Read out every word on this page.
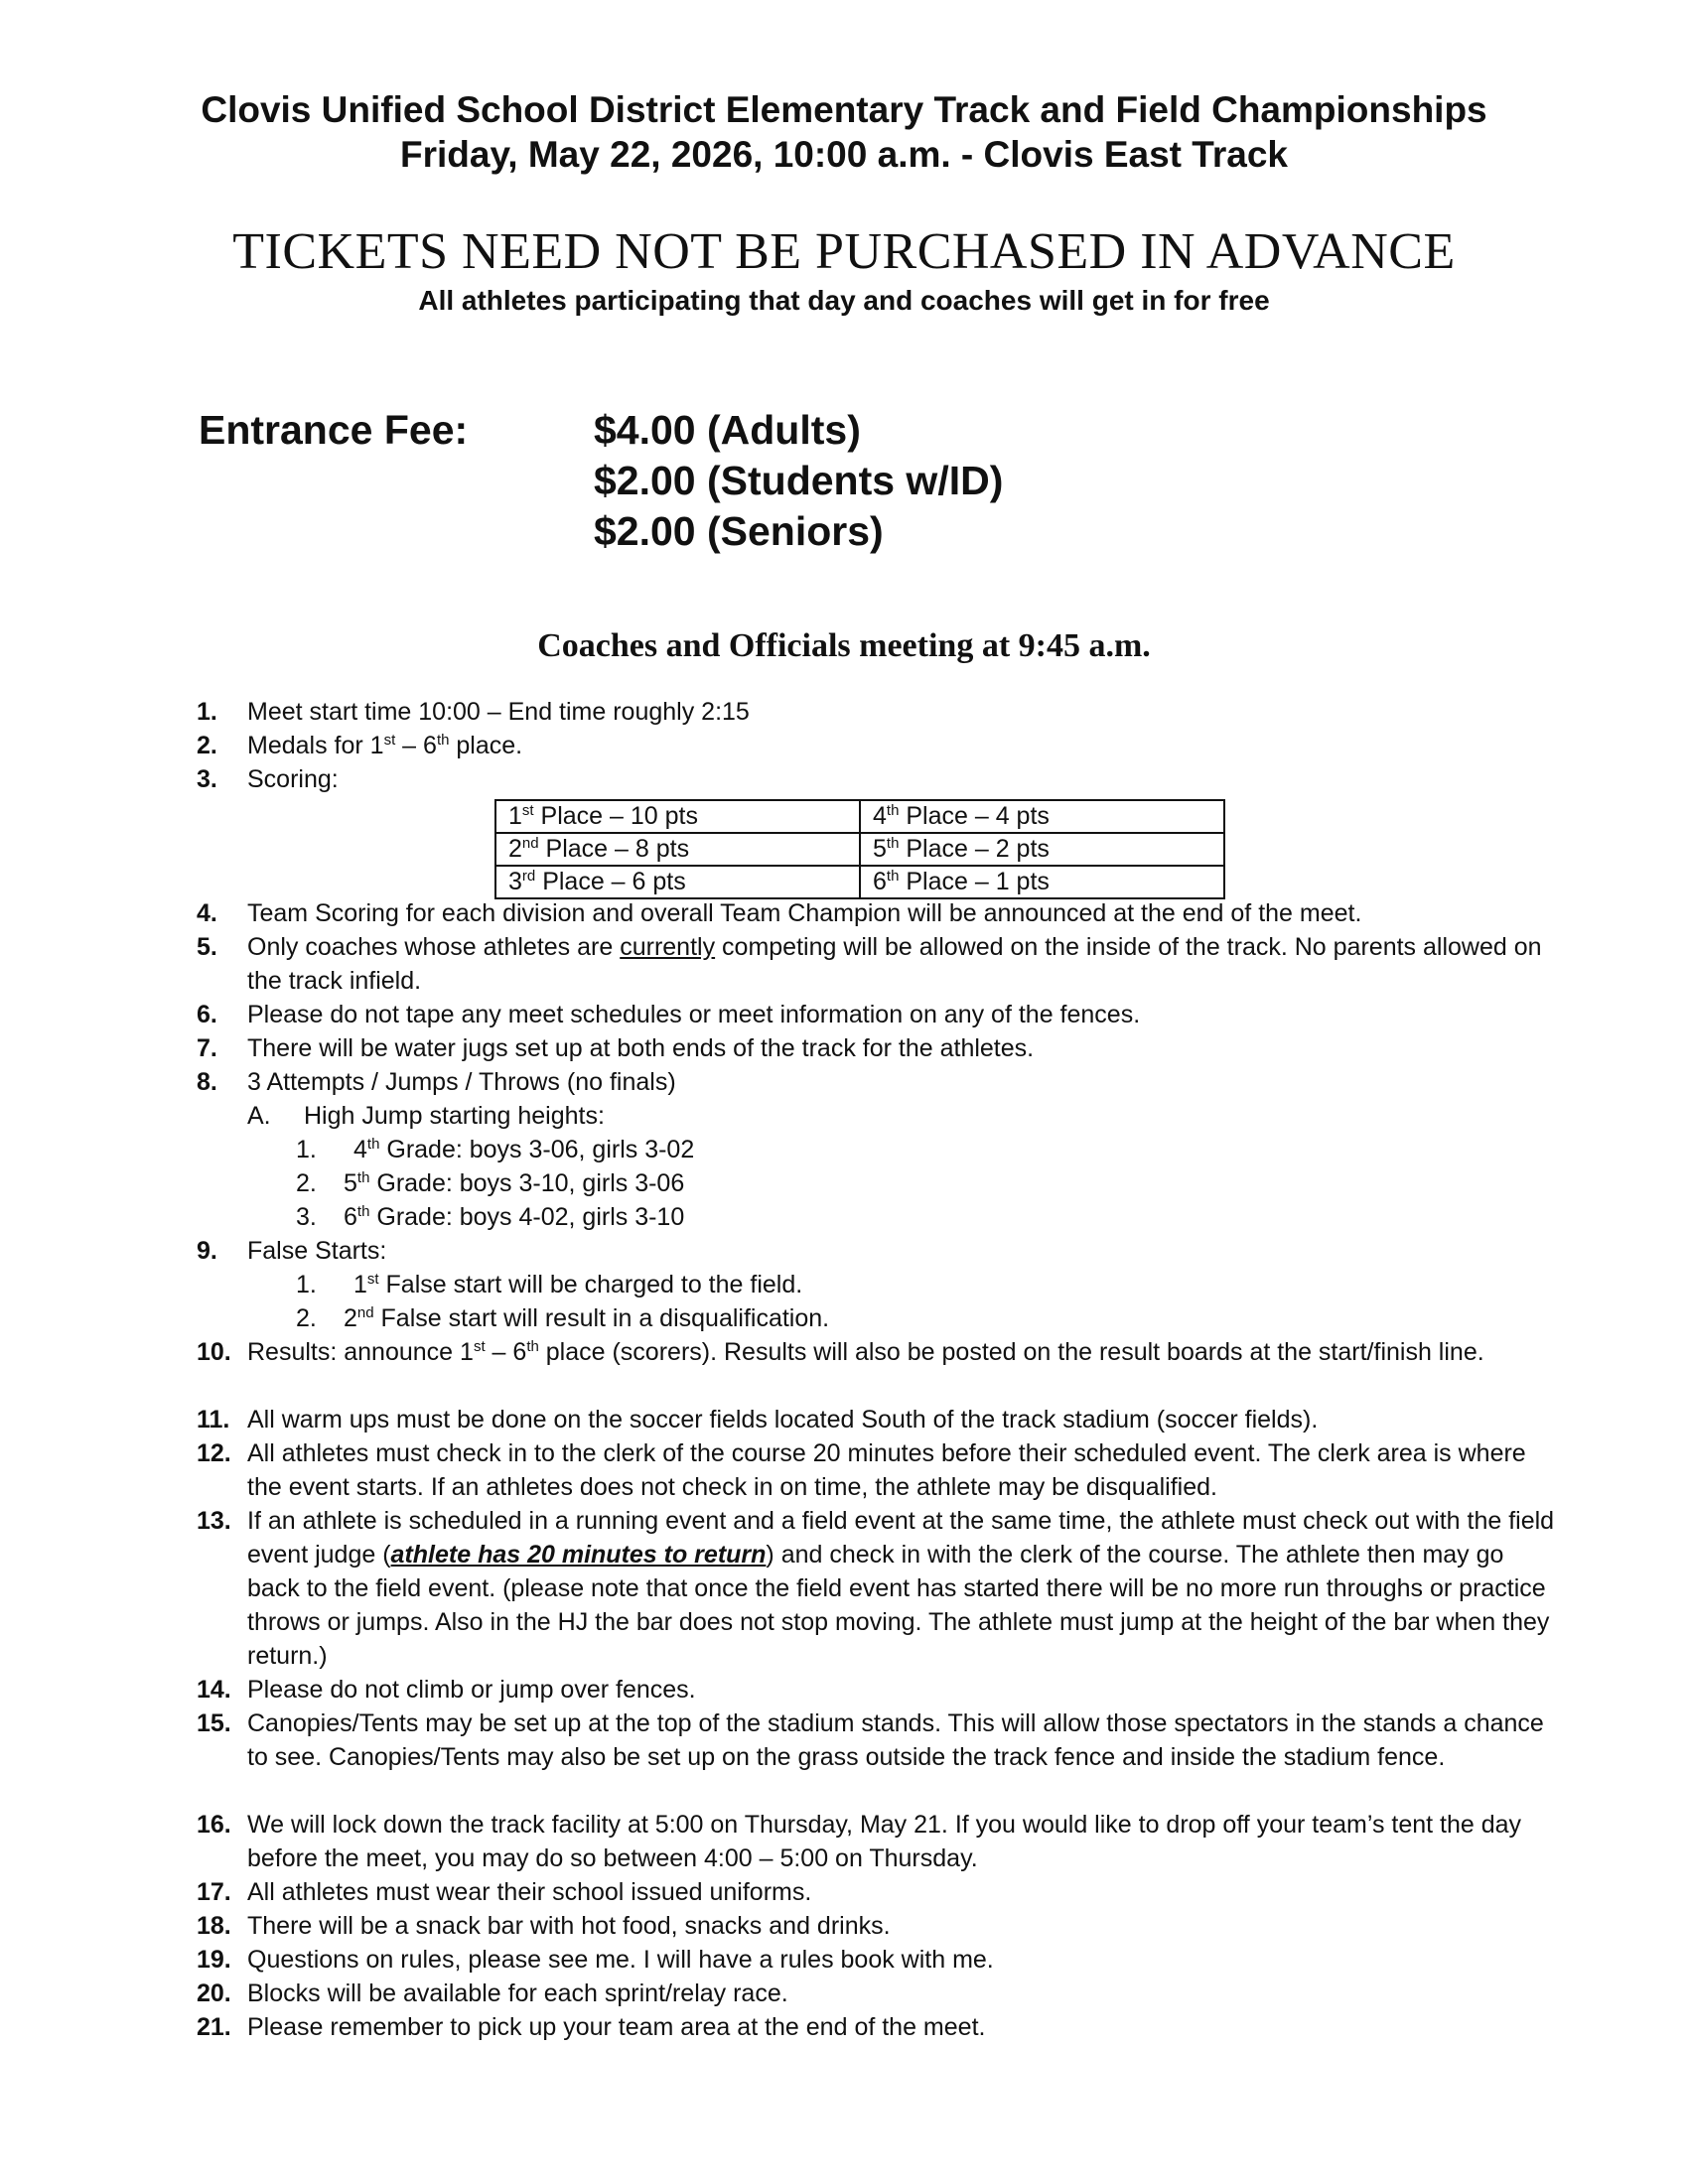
Clovis Unified School District Elementary Track and Field Championships
Friday, May 22, 2026, 10:00 a.m. - Clovis East Track
TICKETS NEED NOT BE PURCHASED IN ADVANCE
All athletes participating that day and coaches will get in for free
Entrance Fee:	$4.00 (Adults)
$2.00 (Students w/ID)
$2.00 (Seniors)
Coaches and Officials meeting at 9:45 a.m.
1. Meet start time 10:00 – End time roughly 2:15
2. Medals for 1st – 6th place.
3. Scoring:
1st Place – 10 pts	4th Place – 4 pts
2nd Place – 8 pts	5th Place – 2 pts
3rd Place – 6 pts	6th Place – 1 pts
4. Team Scoring for each division and overall Team Champion will be announced at the end of the meet.
5. Only coaches whose athletes are currently competing will be allowed on the inside of the track. No parents allowed on the track infield.
6. Please do not tape any meet schedules or meet information on any of the fences.
7. There will be water jugs set up at both ends of the track for the athletes.
8. 3 Attempts / Jumps / Throws (no finals)
A. High Jump starting heights:
1. 4th Grade: boys 3-06, girls 3-02
2. 5th Grade: boys 3-10, girls 3-06
3. 6th Grade: boys 4-02, girls 3-10
9. False Starts:
1. 1st False start will be charged to the field.
2. 2nd False start will result in a disqualification.
10. Results: announce 1st – 6th place (scorers). Results will also be posted on the result boards at the start/finish line.
11. All warm ups must be done on the soccer fields located South of the track stadium (soccer fields).
12. All athletes must check in to the clerk of the course 20 minutes before their scheduled event. The clerk area is where the event starts. If an athletes does not check in on time, the athlete may be disqualified.
13. If an athlete is scheduled in a running event and a field event at the same time, the athlete must check out with the field event judge (athlete has 20 minutes to return) and check in with the clerk of the course. The athlete then may go back to the field event. (please note that once the field event has started there will be no more run throughs or practice throws or jumps. Also in the HJ the bar does not stop moving. The athlete must jump at the height of the bar when they return.)
14. Please do not climb or jump over fences.
15. Canopies/Tents may be set up at the top of the stadium stands. This will allow those spectators in the stands a chance to see. Canopies/Tents may also be set up on the grass outside the track fence and inside the stadium fence.
16. We will lock down the track facility at 5:00 on Thursday, May 21. If you would like to drop off your team’s tent the day before the meet, you may do so between 4:00 – 5:00 on Thursday.
17. All athletes must wear their school issued uniforms.
18. There will be a snack bar with hot food, snacks and drinks.
19. Questions on rules, please see me. I will have a rules book with me.
20. Blocks will be available for each sprint/relay race.
21. Please remember to pick up your team area at the end of the meet.
